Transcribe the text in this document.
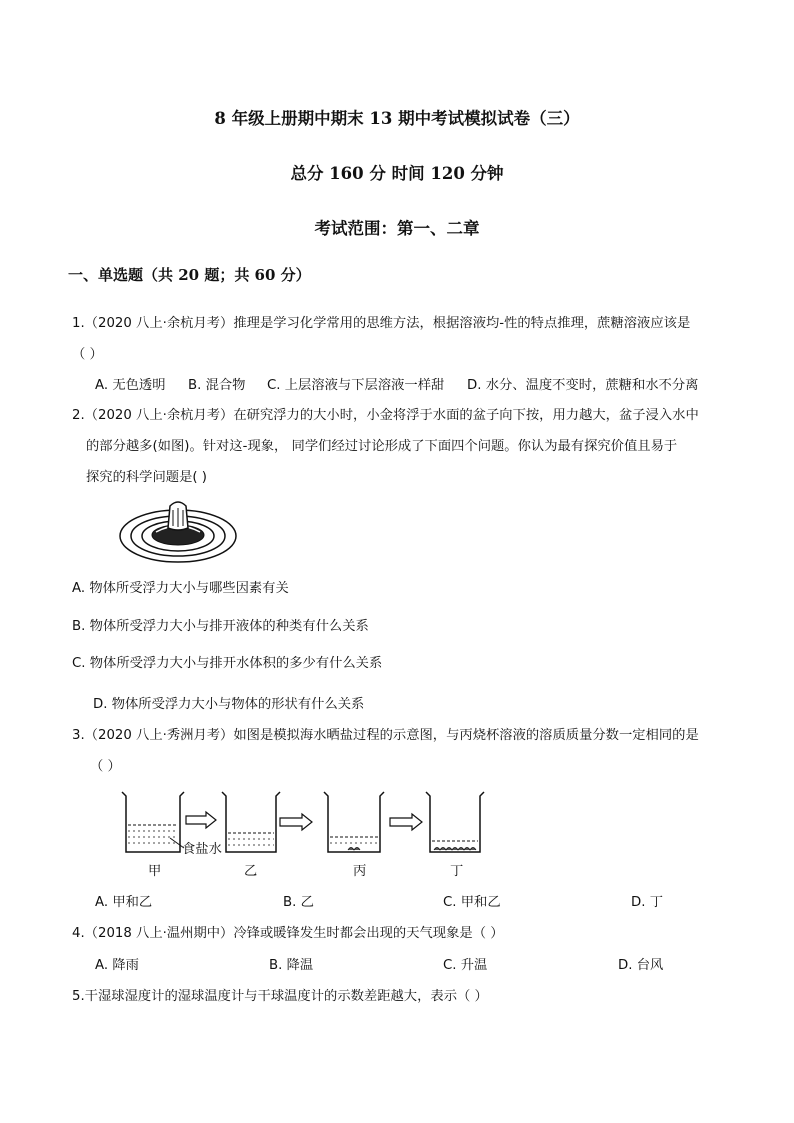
8 年级上册期中期末 13 期中考试模拟试卷（三）
总分 160 分 时间 120 分钟
考试范围：第一、二章
一、单选题（共 20 题；共 60 分）
1.（2020 八上·余杭月考）推理是学习化学常用的思维方法，根据溶液均-性的特点推理，蔗糖溶液应该是
（ ）
A. 无色透明 B. 混合物 C. 上层溶液与下层溶液一样甜 D. 水分、温度不变时，蔗糖和水不分离
2.（2020 八上·余杭月考）在研究浮力的大小时，小金将浮于水面的盆子向下按，用力越大，盆子浸入水中
的部分越多(如图)。针对这-现象， 同学们经过讨论形成了下面四个问题。你认为最有探究价值且易于
探究的科学问题是( )
A. 物体所受浮力大小与哪些因素有关
B. 物体所受浮力大小与排开液体的种类有什么关系
C. 物体所受浮力大小与排开水体积的多少有什么关系
D. 物体所受浮力大小与物体的形状有什么关系
3.（2020 八上·秀洲月考）如图是模拟海水晒盐过程的示意图，与丙烧杯溶液的溶质质量分数一定相同的是
（ ）
食盐水
甲	乙	丙	丁
A. 甲和乙	B. 乙	C. 甲和乙	D. 丁
4.（2018 八上·温州期中）冷锋或暖锋发生时都会出现的天气现象是（ ）
A. 降雨	B. 降温	C. 升温	D. 台风
5.干湿球湿度计的湿球温度计与干球温度计的示数差距越大，表示（ ）
